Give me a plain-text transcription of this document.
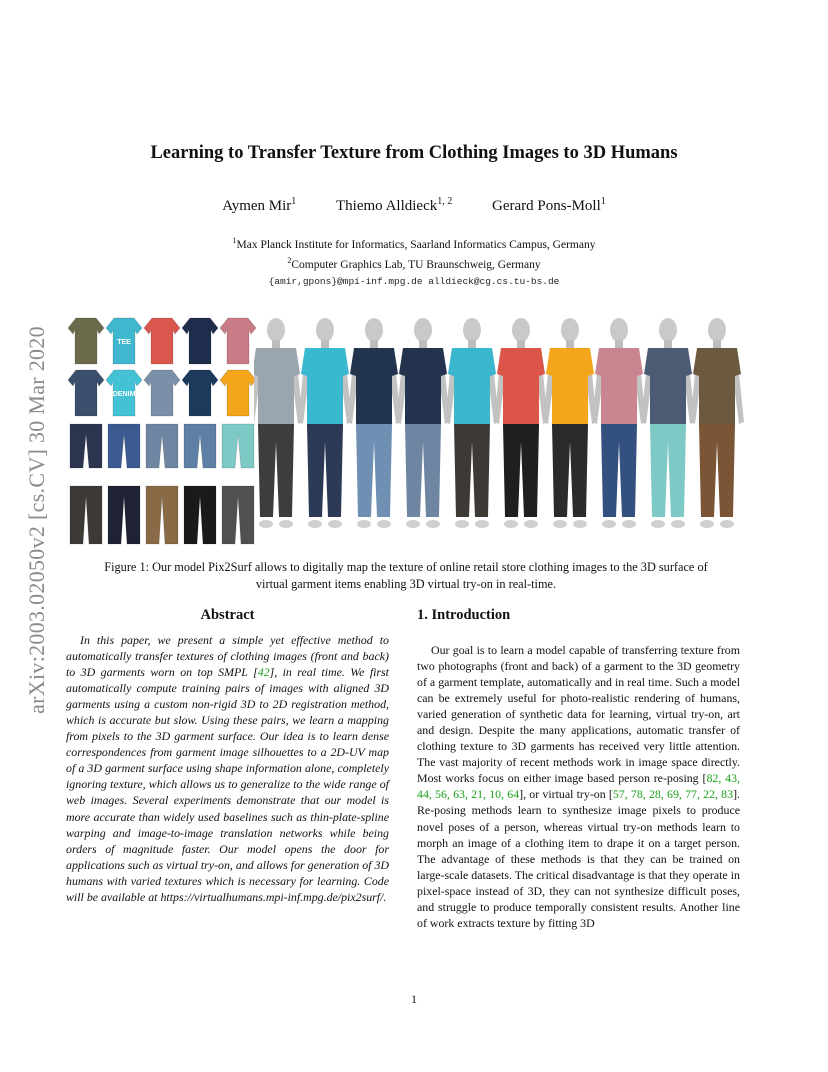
arXiv:2003.02050v2 [cs.CV] 30 Mar 2020
Learning to Transfer Texture from Clothing Images to 3D Humans
Aymen Mir$^1$	Thiemo Alldieck$^{1, 2}$	Gerard Pons-Moll$^1$
$^1$Max Planck Institute for Informatics, Saarland Informatics Campus, Germany
$^2$Computer Graphics Lab, TU Braunschweig, Germany
{amir,gpons}@mpi-inf.mpg.de alldieck@cg.cs.tu-bs.de
TEE
DENIM
Figure 1: Our model Pix2Surf allows to digitally map the texture of online retail store clothing images to the 3D surface of
virtual garment items enabling 3D virtual try-on in real-time.
Abstract
In this paper, we present a simple yet effective method to automatically transfer textures of clothing images (front and back) to 3D garments worn on top SMPL [42], in real time. We first automatically compute training pairs of images with aligned 3D garments using a custom non-rigid 3D to 2D registration method, which is accurate but slow. Using these pairs, we learn a mapping from pixels to the 3D garment surface. Our idea is to learn dense correspondences from garment image silhouettes to a 2D-UV map of a 3D garment surface using shape information alone, completely ignoring texture, which allows us to generalize to the wide range of web images. Several experiments demonstrate that our model is more accurate than widely used baselines such as thin-plate-spline warping and image-to-image translation networks while being orders of magnitude faster. Our model opens the door for applications such as virtual try-on, and allows for generation of 3D humans with varied textures which is necessary for learning. Code will be available at https://virtualhumans.mpi-inf.mpg.de/pix2surf/.
1. Introduction
Our goal is to learn a model capable of transferring texture from two photographs (front and back) of a garment to the 3D geometry of a garment template, automatically and in real time. Such a model can be extremely useful for photo-realistic rendering of humans, varied generation of synthetic data for learning, virtual try-on, art and design. Despite the many applications, automatic transfer of clothing texture to 3D garments has received very little attention. The vast majority of recent methods work in image space directly. Most works focus on either image based person re-posing [82, 43, 44, 56, 63, 21, 10, 64], or virtual try-on [57, 78, 28, 69, 77, 22, 83]. Re-posing methods learn to synthesize image pixels to produce novel poses of a person, whereas virtual try-on methods learn to morph an image of a clothing item to drape it on a target person. The advantage of these methods is that they can be trained on large-scale datasets. The critical disadvantage is that they operate in pixel-space instead of 3D, they can not synthesize difficult poses, and struggle to produce temporally consistent results. Another line of work extracts texture by fitting 3D
1
